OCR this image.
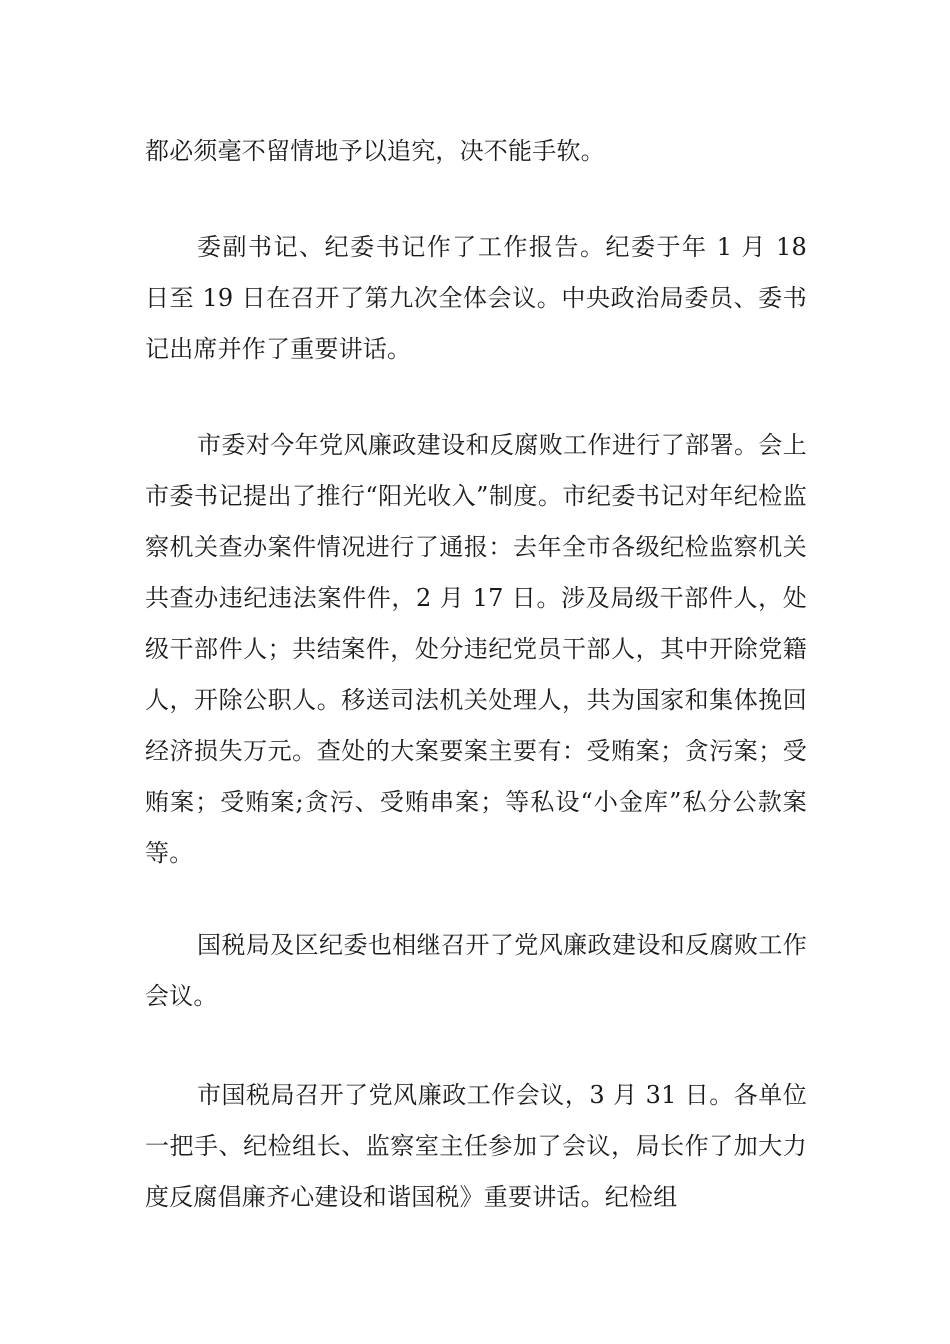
都必须毫不留情地予以追究，决不能手软。

委副书记、纪委书记作了工作报告。纪委于年 1 月 18 日至 19 日在召开了第九次全体会议。中央政治局委员、委书记出席并作了重要讲话。

市委对今年党风廉政建设和反腐败工作进行了部署。会上市委书记提出了推行“阳光收入”制度。市纪委书记对年纪检监察机关查办案件情况进行了通报：去年全市各级纪检监察机关共查办违纪违法案件件，2 月 17 日。涉及局级干部件人，处级干部件人；共结案件，处分违纪党员干部人，其中开除党籍人，开除公职人。移送司法机关处理人，共为国家和集体挽回经济损失万元。查处的大案要案主要有：受贿案；贪污案；受贿案；受贿案;贪污、受贿串案；等私设“小金库”私分公款案等。

国税局及区纪委也相继召开了党风廉政建设和反腐败工作会议。

市国税局召开了党风廉政工作会议，3 月 31 日。各单位一把手、纪检组长、监察室主任参加了会议，局长作了加大力度反腐倡廉齐心建设和谐国税》重要讲话。纪检组
